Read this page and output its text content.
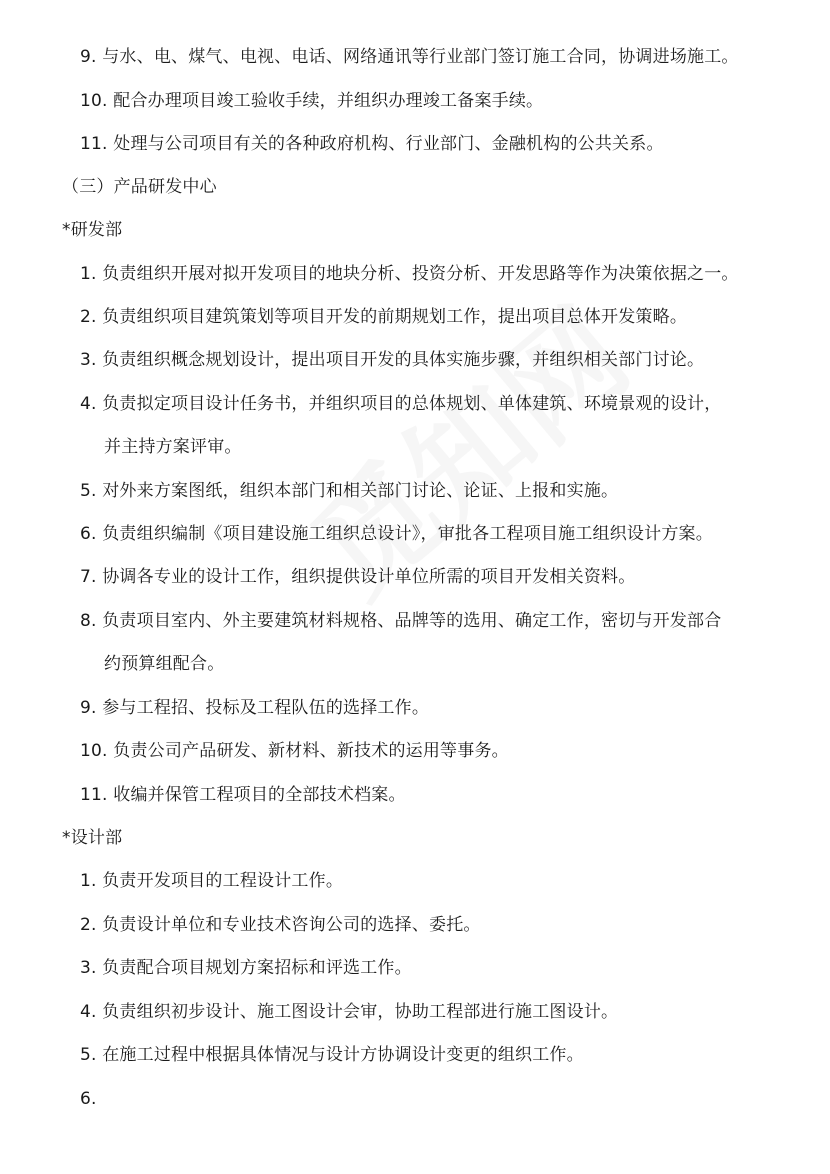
9. 与水、电、煤气、电视、电话、网络通讯等行业部门签订施工合同，协调进场施工。
10. 配合办理项目竣工验收手续，并组织办理竣工备案手续。
11. 处理与公司项目有关的各种政府机构、行业部门、金融机构的公共关系。
（三）产品研发中心
*研发部
1. 负责组织开展对拟开发项目的地块分析、投资分析、开发思路等作为决策依据之一。
2. 负责组织项目建筑策划等项目开发的前期规划工作，提出项目总体开发策略。
3. 负责组织概念规划设计，提出项目开发的具体实施步骤，并组织相关部门讨论。
4. 负责拟定项目设计任务书，并组织项目的总体规划、单体建筑、环境景观的设计，
并主持方案评审。
5. 对外来方案图纸，组织本部门和相关部门讨论、论证、上报和实施。
6. 负责组织编制《项目建设施工组织总设计》，审批各工程项目施工组织设计方案。
7. 协调各专业的设计工作，组织提供设计单位所需的项目开发相关资料。
8. 负责项目室内、外主要建筑材料规格、品牌等的选用、确定工作，密切与开发部合
约预算组配合。
9. 参与工程招、投标及工程队伍的选择工作。
10. 负责公司产品研发、新材料、新技术的运用等事务。
11. 收编并保管工程项目的全部技术档案。
*设计部
1. 负责开发项目的工程设计工作。
2. 负责设计单位和专业技术咨询公司的选择、委托。
3. 负责配合项目规划方案招标和评选工作。
4. 负责组织初步设计、施工图设计会审，协助工程部进行施工图设计。
5. 在施工过程中根据具体情况与设计方协调设计变更的组织工作。
6.
